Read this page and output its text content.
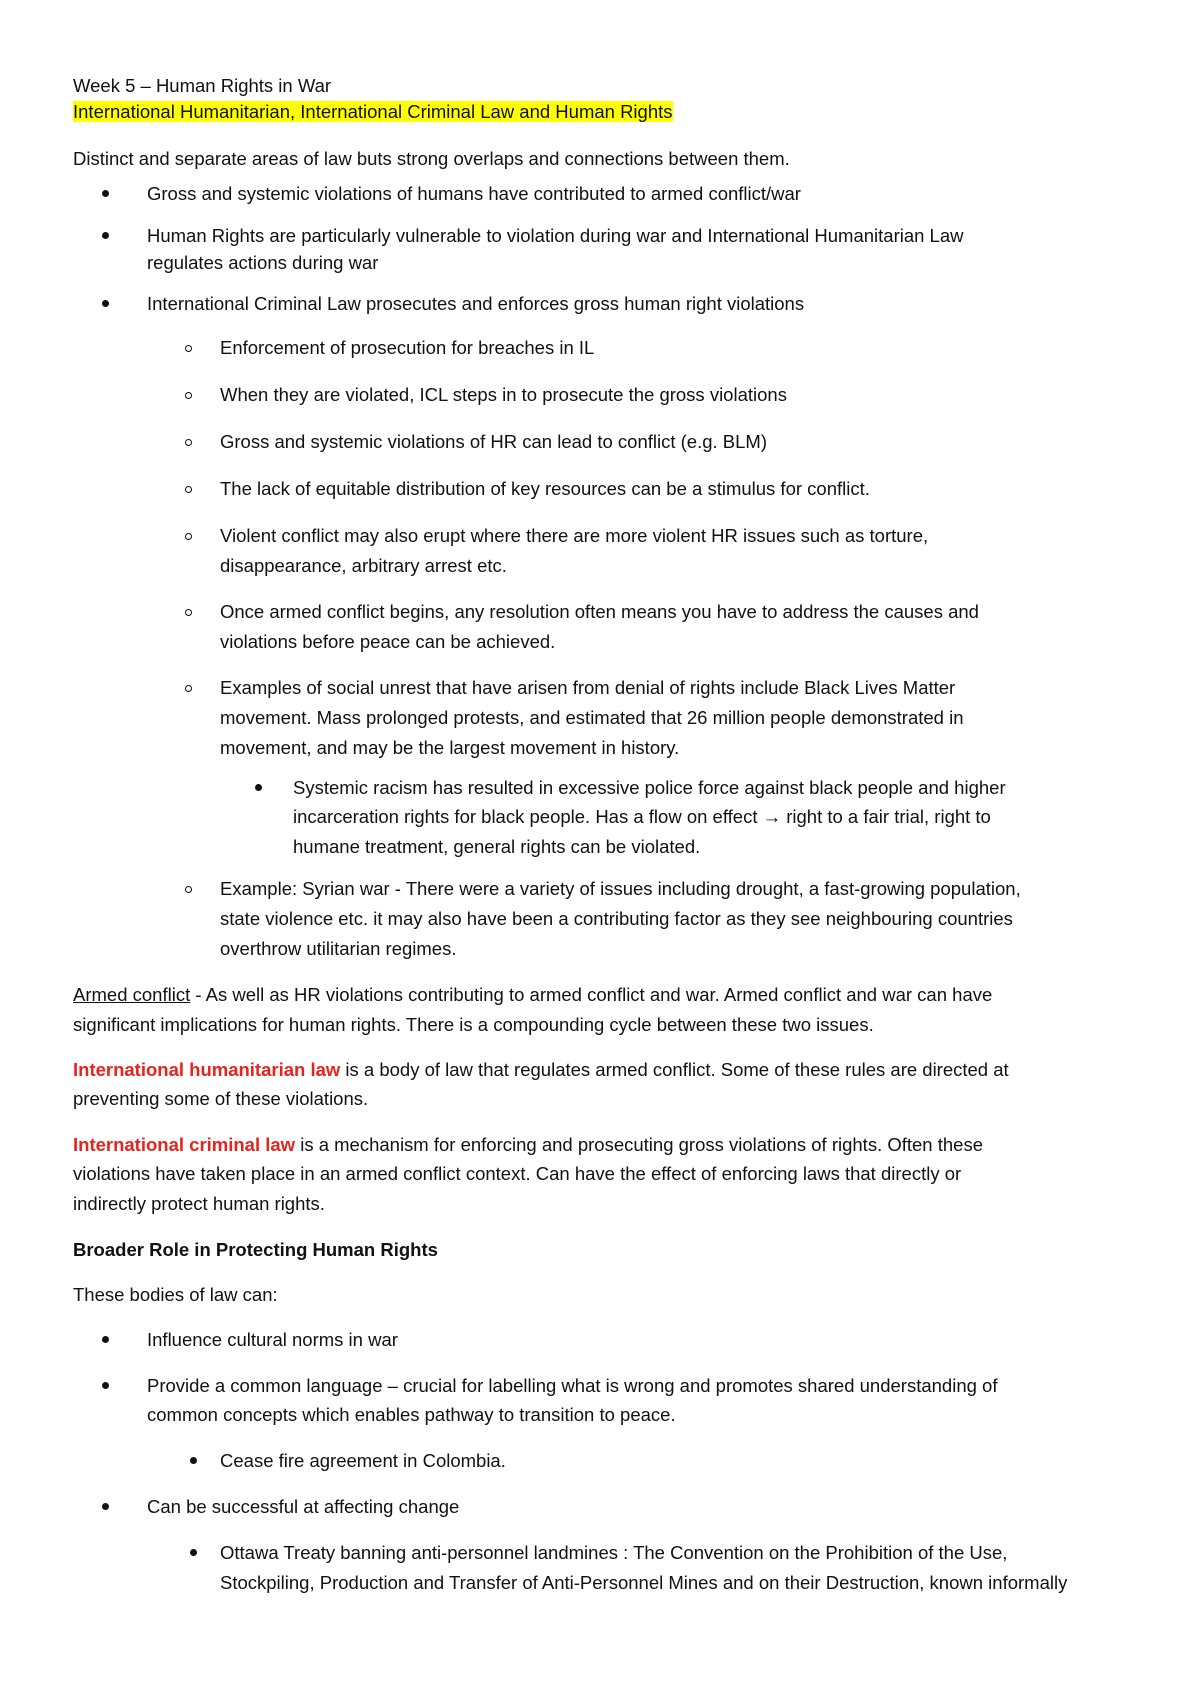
Week 5 – Human Rights in War
International Humanitarian, International Criminal Law and Human Rights
Distinct and separate areas of law buts strong overlaps and connections between them.
Gross and systemic violations of humans have contributed to armed conflict/war
Human Rights are particularly vulnerable to violation during war and International Humanitarian Law
regulates actions during war
International Criminal Law prosecutes and enforces gross human right violations
Enforcement of prosecution for breaches in IL
When they are violated, ICL steps in to prosecute the gross violations
Gross and systemic violations of HR can lead to conflict (e.g. BLM)
The lack of equitable distribution of key resources can be a stimulus for conflict.
Violent conflict may also erupt where there are more violent HR issues such as torture,
disappearance, arbitrary arrest etc.
Once armed conflict begins, any resolution often means you have to address the causes and
violations before peace can be achieved.
Examples of social unrest that have arisen from denial of rights include Black Lives Matter
movement. Mass prolonged protests, and estimated that 26 million people demonstrated in
movement, and may be the largest movement in history.
Systemic racism has resulted in excessive police force against black people and higher
incarceration rights for black people. Has a flow on effect → right to a fair trial, right to
humane treatment, general rights can be violated.
Example: Syrian war - There were a variety of issues including drought, a fast-growing population,
state violence etc. it may also have been a contributing factor as they see neighbouring countries
overthrow utilitarian regimes.
Armed conflict - As well as HR violations contributing to armed conflict and war. Armed conflict and war can have
significant implications for human rights. There is a compounding cycle between these two issues.
International humanitarian law is a body of law that regulates armed conflict. Some of these rules are directed at
preventing some of these violations.
International criminal law is a mechanism for enforcing and prosecuting gross violations of rights. Often these
violations have taken place in an armed conflict context. Can have the effect of enforcing laws that directly or
indirectly protect human rights.
Broader Role in Protecting Human Rights
These bodies of law can:
Influence cultural norms in war
Provide a common language – crucial for labelling what is wrong and promotes shared understanding of
common concepts which enables pathway to transition to peace.
Cease fire agreement in Colombia.
Can be successful at affecting change
Ottawa Treaty banning anti-personnel landmines : The Convention on the Prohibition of the Use,
Stockpiling, Production and Transfer of Anti-Personnel Mines and on their Destruction, known informally
